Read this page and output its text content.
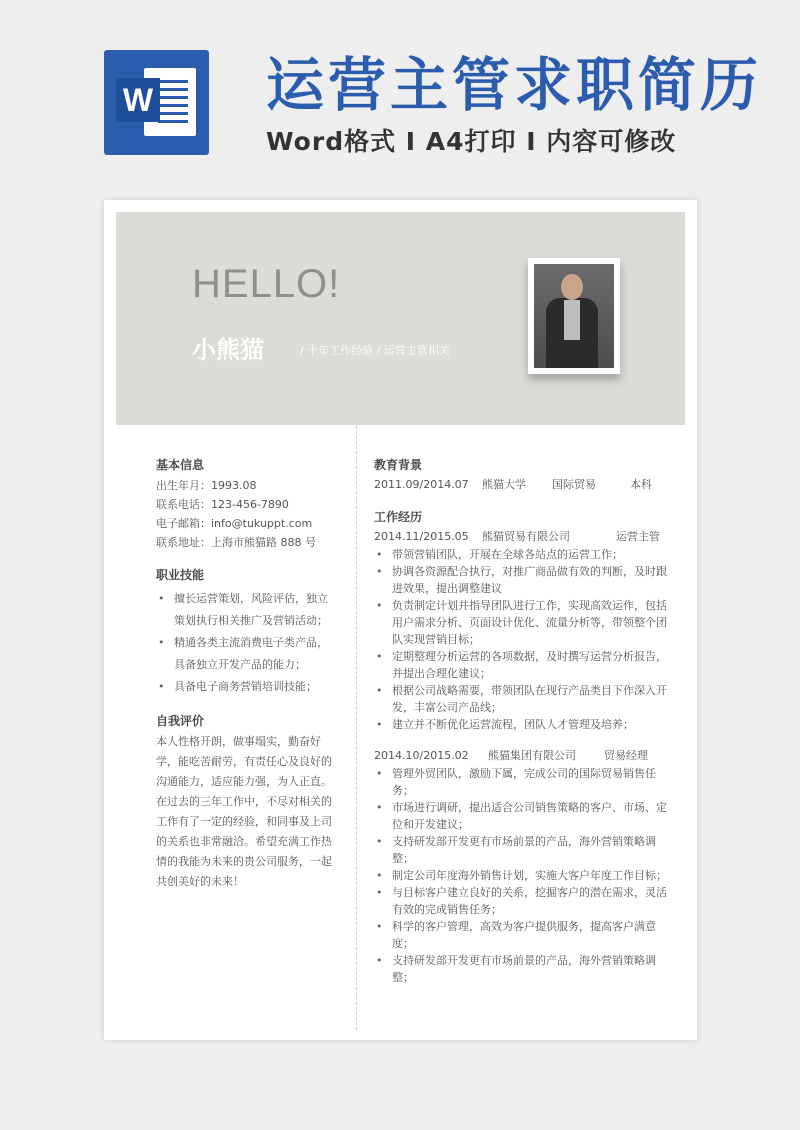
W 运营主管求职简历
Word格式 I A4打印 I 内容可修改
HELLO!
小熊猫	/ 十年工作经验 / 运营主管相关
基本信息
出生年月：1993.08
联系电话：123-456-7890
电子邮箱：info@tukuppt.com
联系地址：上海市熊猫路 888 号
职业技能
• 擅长运营策划，风险评估，独立策划执行相关推广及营销活动；
• 精通各类主流消费电子类产品，具备独立开发产品的能力；
• 具备电子商务营销培训技能；
自我评价
本人性格开朗，做事塌实，勤奋好学，能吃苦耐劳，有责任心及良好的沟通能力，适应能力强，为人正直。在过去的三年工作中，不尽对相关的工作有了一定的经验，和同事及上司的关系也非常融洽。希望充满工作热情的我能为未来的贵公司服务，一起共创美好的未来！
教育背景
2011.09/2014.07	熊猫大学	国际贸易	本科
工作经历
2014.11/2015.05	熊猫贸易有限公司	运营主管
• 带领营销团队，开展在全球各站点的运营工作；
• 协调各资源配合执行，对推广商品做有效的判断，及时跟进效果，提出调整建议
• 负责制定计划并指导团队进行工作，实现高效运作，包括用户需求分析、页面设计优化、流量分析等，带领整个团队实现营销目标；
• 定期整理分析运营的各项数据，及时撰写运营分析报告，并提出合理化建议；
• 根据公司战略需要，带领团队在现行产品类目下作深入开发，丰富公司产品线；
• 建立并不断优化运营流程，团队人才管理及培养；
2014.10/2015.02	熊猫集团有限公司	贸易经理
• 管理外贸团队，激励下属，完成公司的国际贸易销售任务；
• 市场进行调研，提出适合公司销售策略的客户、市场、定位和开发建议；
• 支持研发部开发更有市场前景的产品，海外营销策略调整；
• 制定公司年度海外销售计划，实施大客户年度工作目标；
• 与目标客户建立良好的关系，挖掘客户的潜在需求，灵活有效的完成销售任务；
• 科学的客户管理，高效为客户提供服务，提高客户满意度；
• 支持研发部开发更有市场前景的产品，海外营销策略调整；
